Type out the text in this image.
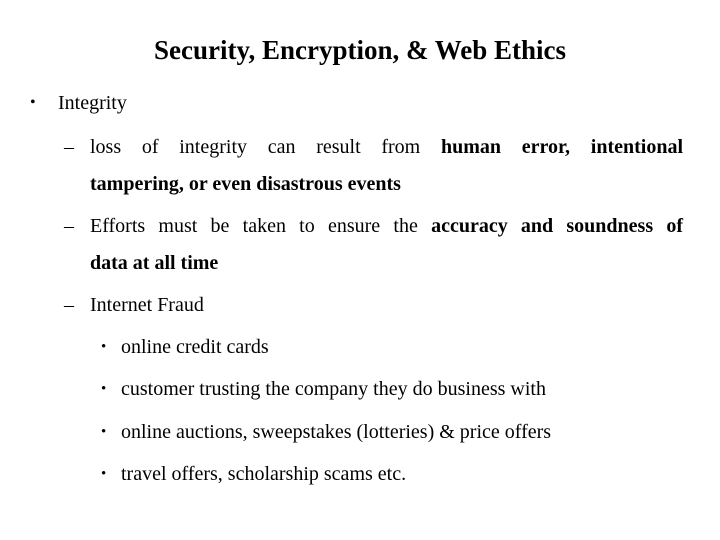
Security, Encryption, & Web Ethics
• Integrity
– loss of integrity can result from human error, intentional
tampering, or even disastrous events
– Efforts must be taken to ensure the accuracy and soundness of
data at all time
– Internet Fraud
• online credit cards
• customer trusting the company they do business with
• online auctions, sweepstakes (lotteries) & price offers
• travel offers, scholarship scams etc.
